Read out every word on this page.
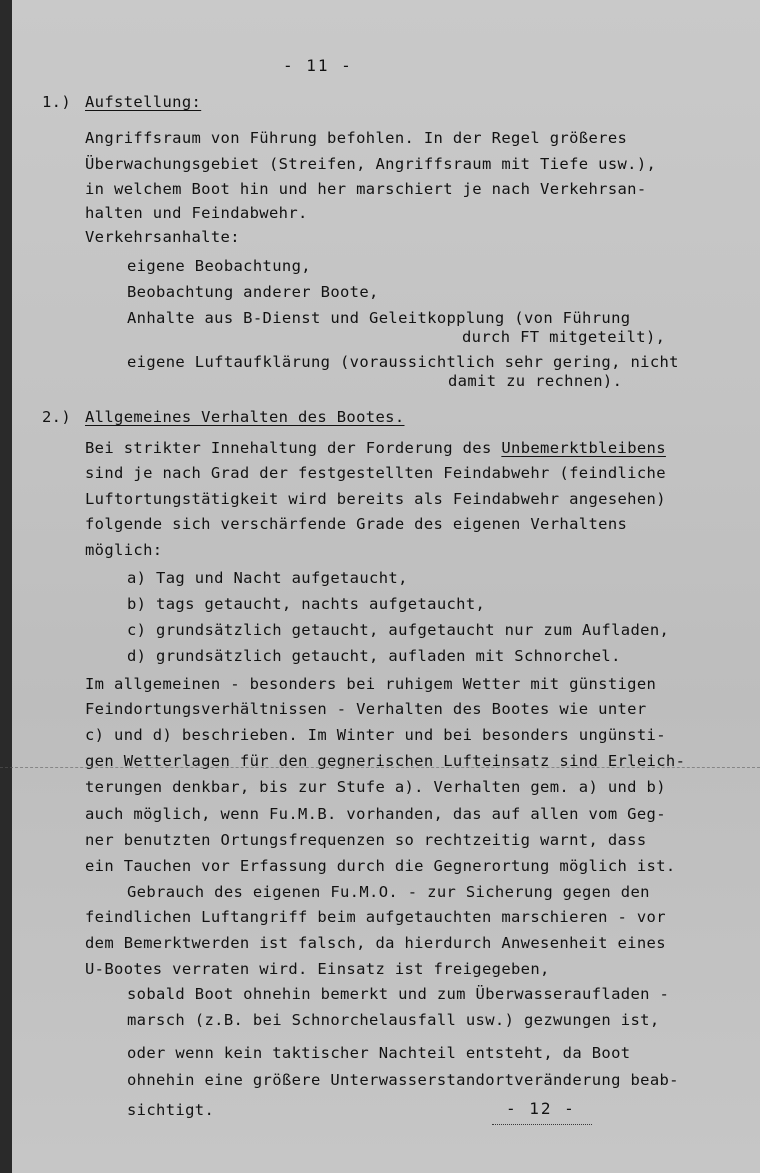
- 11 -
1.) Aufstellung:
Angriffsraum von Führung befohlen. In der Regel größeres
Überwachungsgebiet (Streifen, Angriffsraum mit Tiefe usw.),
in welchem Boot hin und her marschiert je nach Verkehrsan-
halten und Feindabwehr.
Verkehrsanhalte:
eigene Beobachtung,
Beobachtung anderer Boote,
Anhalte aus B-Dienst und Geleitkopplung (von Führung
durch FT mitgeteilt),
eigene Luftaufklärung (voraussichtlich sehr gering, nicht
damit zu rechnen).
2.) Allgemeines Verhalten des Bootes.
Bei strikter Innehaltung der Forderung des Unbemerktbleibens
sind je nach Grad der festgestellten Feindabwehr (feindliche
Luftortungstätigkeit wird bereits als Feindabwehr angesehen)
folgende sich verschärfende Grade des eigenen Verhaltens
möglich:
a) Tag und Nacht aufgetaucht,
b) tags getaucht, nachts aufgetaucht,
c) grundsätzlich getaucht, aufgetaucht nur zum Aufladen,
d) grundsätzlich getaucht, aufladen mit Schnorchel.
Im allgemeinen - besonders bei ruhigem Wetter mit günstigen
Feindortungsverhältnissen - Verhalten des Bootes wie unter
c) und d) beschrieben. Im Winter und bei besonders ungünsti-
gen Wetterlagen für den gegnerischen Lufteinsatz sind Erleich-
terungen denkbar, bis zur Stufe a). Verhalten gem. a) und b)
auch möglich, wenn Fu.M.B. vorhanden, das auf allen vom Geg-
ner benutzten Ortungsfrequenzen so rechtzeitig warnt, dass
ein Tauchen vor Erfassung durch die Gegnerortung möglich ist.
Gebrauch des eigenen Fu.M.O. - zur Sicherung gegen den
feindlichen Luftangriff beim aufgetauchten marschieren - vor
dem Bemerktwerden ist falsch, da hierdurch Anwesenheit eines
U-Bootes verraten wird. Einsatz ist freigegeben,
sobald Boot ohnehin bemerkt und zum Überwasseraufladen -
marsch (z.B. bei Schnorchelausfall usw.) gezwungen ist,
oder wenn kein taktischer Nachteil entsteht, da Boot
ohnehin eine größere Unterwasserstandortveränderung beab-
sichtigt.	- 12 -
